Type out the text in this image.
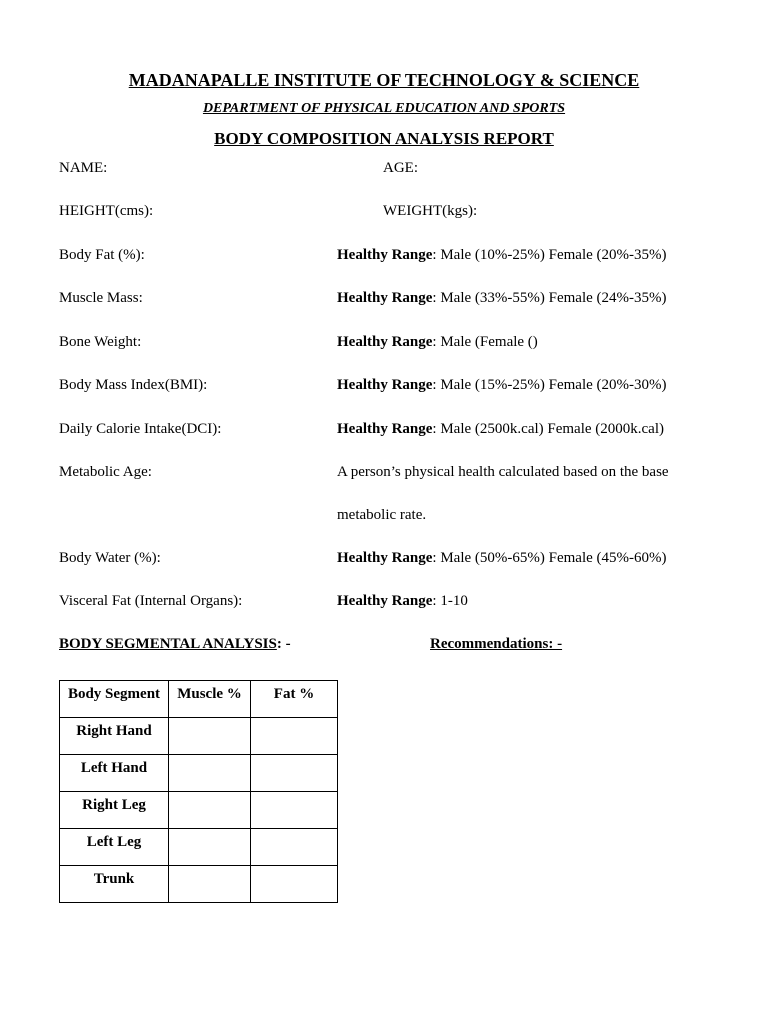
MADANAPALLE INSTITUTE OF TECHNOLOGY & SCIENCE
DEPARTMENT OF PHYSICAL EDUCATION AND SPORTS
BODY COMPOSITION ANALYSIS REPORT
NAME:	AGE:
HEIGHT(cms):	WEIGHT(kgs):
Body Fat (%):	Healthy Range: Male (10%-25%) Female (20%-35%)
Muscle Mass:	Healthy Range: Male (33%-55%) Female (24%-35%)
Bone Weight:	Healthy Range: Male (Female ()
Body Mass Index(BMI):	Healthy Range: Male (15%-25%) Female (20%-30%)
Daily Calorie Intake(DCI):	Healthy Range: Male (2500k.cal) Female (2000k.cal)
Metabolic Age:	A person’s physical health calculated based on the base
metabolic rate.
Body Water (%):	Healthy Range: Male (50%-65%) Female (45%-60%)
Visceral Fat (Internal Organs):	Healthy Range: 1-10
BODY SEGMENTAL ANALYSIS: -	Recommendations: -
Body Segment	Muscle %	Fat %
Right Hand		
Left Hand		
Right Leg		
Left Leg		
Trunk		
